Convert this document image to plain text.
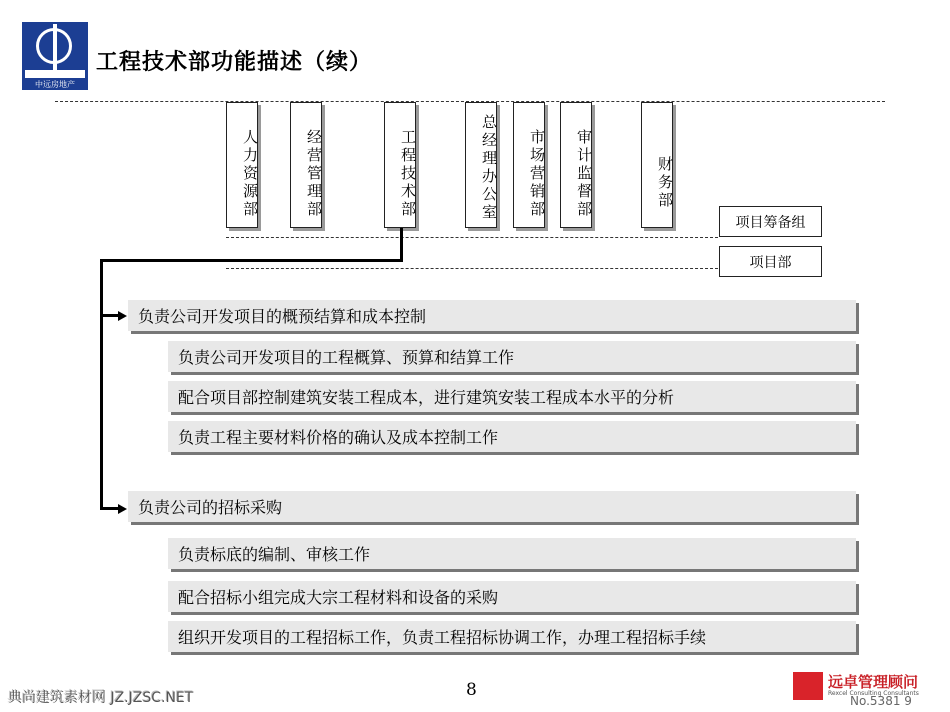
中远房地产
工程技术部功能描述（续）
人力资源部	经营管理部	工程技术部	总经理办公室	市场营销部	审计监督部	财务部
项目筹备组
项目部
负责公司开发项目的概预结算和成本控制
负责公司开发项目的工程概算、预算和结算工作
配合项目部控制建筑安装工程成本，进行建筑安装工程成本水平的分析
负责工程主要材料价格的确认及成本控制工作
负责公司的招标采购
负责标底的编制、审核工作
配合招标小组完成大宗工程材料和设备的采购
组织开发项目的工程招标工作，负责工程招标协调工作，办理工程招标手续
8
典尚建筑素材网 JZ.JZSC.NET
远卓管理顾问
Rexcel Consulting Consultants
No.5381 9
